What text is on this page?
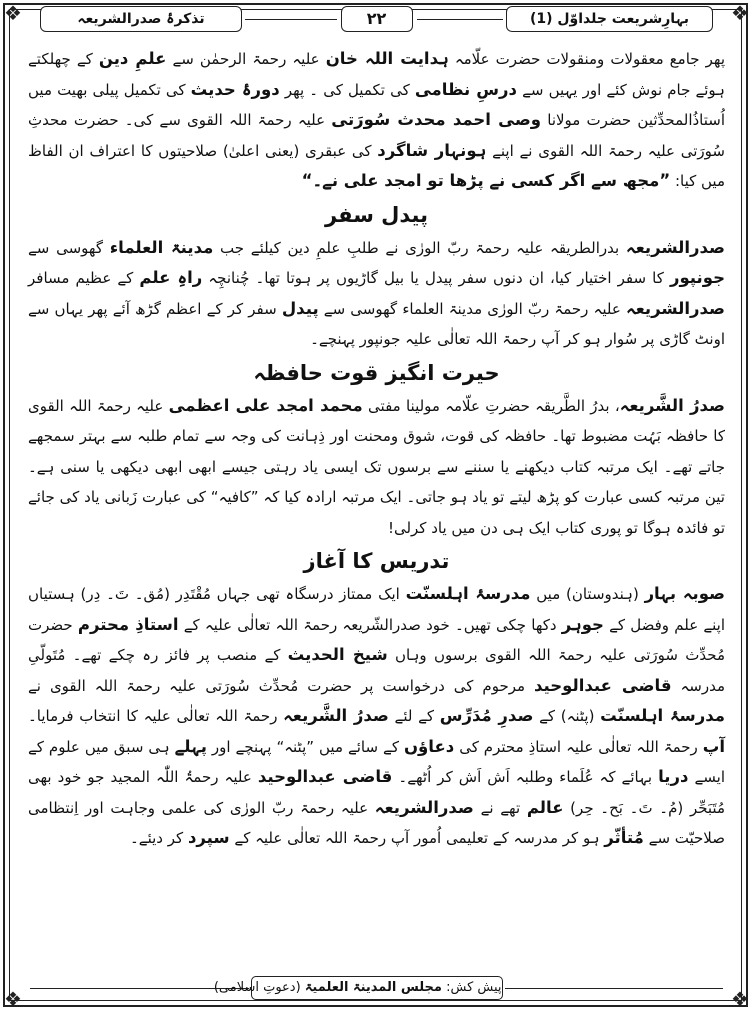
❖	❖
❖	❖
بہارِشریعت جلداوّل (1)
۲۲
تذکرۂ صدرالشریعہ

پھر جامع معقولات ومنقولات حضرت علّامہ ہدایت اللہ خان علیہ رحمۃ الرحمٰن سے علمِ دین کے چھلکتے ہوئے جام نوش کئے اور یہیں سے درسِ نظامی کی تکمیل کی ۔ پھر دورۂ حدیث کی تکمیل پیلی بھیت میں اُستاذُالمحدِّثین حضرت مولانا وصی احمد محدث سُورَتی علیہ رحمۃ اللہ القوی سے کی۔ حضرت محدثِ سُورَتی علیہ رحمۃ اللہ القوی نے اپنے ہونہار شاگرد کی عبقری (یعنی اعلیٰ) صلاحیتوں کا اعتراف ان الفاظ میں کیا: ”مجھ سے اگر کسی نے پڑھا تو امجد علی نے۔“

پیدل سفر

صدرالشریعہ بدرالطریقہ علیہ رحمۃ ربّ الورٰی نے طلبِ علمِ دین کیلئے جب مدینۃ العلماء گھوسی سے جونپور کا سفر اختیار کیا، ان دنوں سفر پیدل یا بیل گاڑیوں پر ہوتا تھا۔ چُنانچِہ راہِ علم کے عظیم مسافر صدرالشریعہ علیہ رحمۃ ربّ الورٰی مدینۃ العلماء گھوسی سے پیدل سفر کر کے اعظم گڑھ آئے پھر یہاں سے اونٹ گاڑی پر سُوار ہو کر آپ رحمۃ اللہ تعالٰی علیہ جونپور پہنچے۔

حیرت انگیز قوت حافظہ

صدرُ الشَّریعہ، بدرُ الطَّریقہ حضرتِ علّامہ مولینا مفتی محمد امجد علی اعظمی علیہ رحمۃ اللہ القوی کا حافظہ بَہُت مضبوط تھا۔ حافظہ کی قوت، شوق ومحنت اور ذِہانت کی وجہ سے تمام طلبہ سے بہتر سمجھے جاتے تھے۔ ایک مرتبہ کتاب دیکھنے یا سننے سے برسوں تک ایسی یاد رہتی جیسے ابھی ابھی دیکھی یا سنی ہے۔ تین مرتبہ کسی عبارت کو پڑھ لیتے تو یاد ہو جاتی۔ ایک مرتبہ ارادہ کیا کہ ”کافیہ“ کی عبارت زَبانی یاد کی جائے تو فائدہ ہوگا تو پوری کتاب ایک ہی دن میں یاد کرلی!

تدریس کا آغاز

صوبہ بہار (ہندوستان) میں مدرسۂ اہلسنّت ایک ممتاز درسگاہ تھی جہاں مُقْتَدِر (مُق۔ تَ۔ دِر) ہستیاں اپنے علم وفضل کے جوہر دکھا چکی تھیں۔ خود صدرالشّریعہ رحمۃ اللہ تعالٰی علیہ کے استاذِ محترم حضرت مُحدِّث سُورَتی علیہ رحمۃ اللہ القوی برسوں وہاں شیخ الحدیث کے منصب پر فائز رہ چکے تھے۔ مُتَولّیِ مدرسہ قاضی عبدالوحید مرحوم کی درخواست پر حضرت مُحدِّث سُورَتی علیہ رحمۃ اللہ القوی نے مدرسۂ اہلسنّت (پٹنہ) کے صدرِ مُدَرِّس کے لئے صدرُ الشَّریعہ رحمۃ اللہ تعالٰی علیہ کا انتخاب فرمایا۔ آپ رحمۃ اللہ تعالٰی علیہ استاذِ محترم کی دعاؤں کے سائے میں ”پٹنہ“ پہنچے اور پہلے ہی سبق میں علوم کے ایسے دریا بہائے کہ عُلَماء وطلبہ اَش اَش کر اُٹھے۔ قاضی عبدالوحید علیہ رحمۃُ اللّٰہ المجید جو خود بھی مُتَبَحِّر (مُ۔ تَ۔ بَح۔ حِر) عالم تھے نے صدرالشریعہ علیہ رحمۃ ربّ الورٰی کی علمی وجاہت اور اِنتظامی صلاحیّت سے مُتأثّر ہو کر مدرسہ کے تعلیمی اُمور آپ رحمۃ اللہ تعالٰی علیہ کے سپرد کر دیئے۔

پیش کش: مجلس المدینۃ العلمیۃ (دعوتِ اسلامی)
